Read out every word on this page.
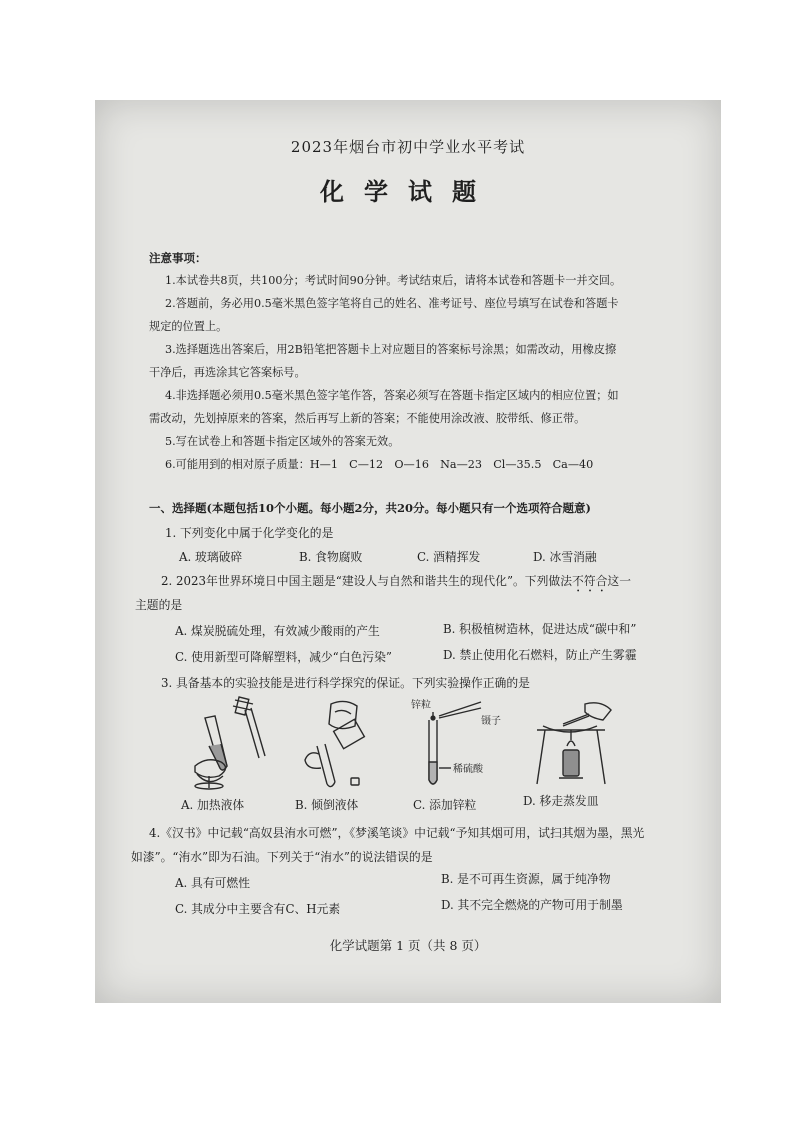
2023年烟台市初中学业水平考试
化学试题
注意事项：
1.本试卷共8页，共100分；考试时间90分钟。考试结束后，请将本试卷和答题卡一并交回。
2.答题前，务必用0.5毫米黑色签字笔将自己的姓名、准考证号、座位号填写在试卷和答题卡
规定的位置上。
3.选择题选出答案后，用2B铅笔把答题卡上对应题目的答案标号涂黑；如需改动，用橡皮擦
干净后，再选涂其它答案标号。
4.非选择题必须用0.5毫米黑色签字笔作答，答案必须写在答题卡指定区域内的相应位置；如
需改动，先划掉原来的答案，然后再写上新的答案；不能使用涂改液、胶带纸、修正带。
5.写在试卷上和答题卡指定区域外的答案无效。
6.可能用到的相对原子质量：H—1　C—12　O—16　Na—23　Cl—35.5　Ca—40
一、选择题(本题包括10个小题。每小题2分，共20分。每小题只有一个选项符合题意)
1. 下列变化中属于化学变化的是
A. 玻璃破碎	B. 食物腐败	C. 酒精挥发	D. 冰雪消融
2. 2023年世界环境日中国主题是“建设人与自然和谐共生的现代化”。下列做法不符合这一
主题的是
A. 煤炭脱硫处理，有效减少酸雨的产生	B. 积极植树造林，促进达成“碳中和”
C. 使用新型可降解塑料，减少“白色污染”	D. 禁止使用化石燃料，防止产生雾霾
3. 具备基本的实验技能是进行科学探究的保证。下列实验操作正确的是
锌粒
镊子
稀硫酸
A. 加热液体	B. 倾倒液体	C. 添加锌粒	D. 移走蒸发皿
4.《汉书》中记载“高奴县洧水可燃”，《梦溪笔谈》中记载“予知其烟可用，试扫其烟为墨，黑光
如漆”。“洧水”即为石油。下列关于“洧水”的说法错误的是
A. 具有可燃性	B. 是不可再生资源，属于纯净物
C. 其成分中主要含有C、H元素	D. 其不完全燃烧的产物可用于制墨
化学试题第 1 页（共 8 页）
